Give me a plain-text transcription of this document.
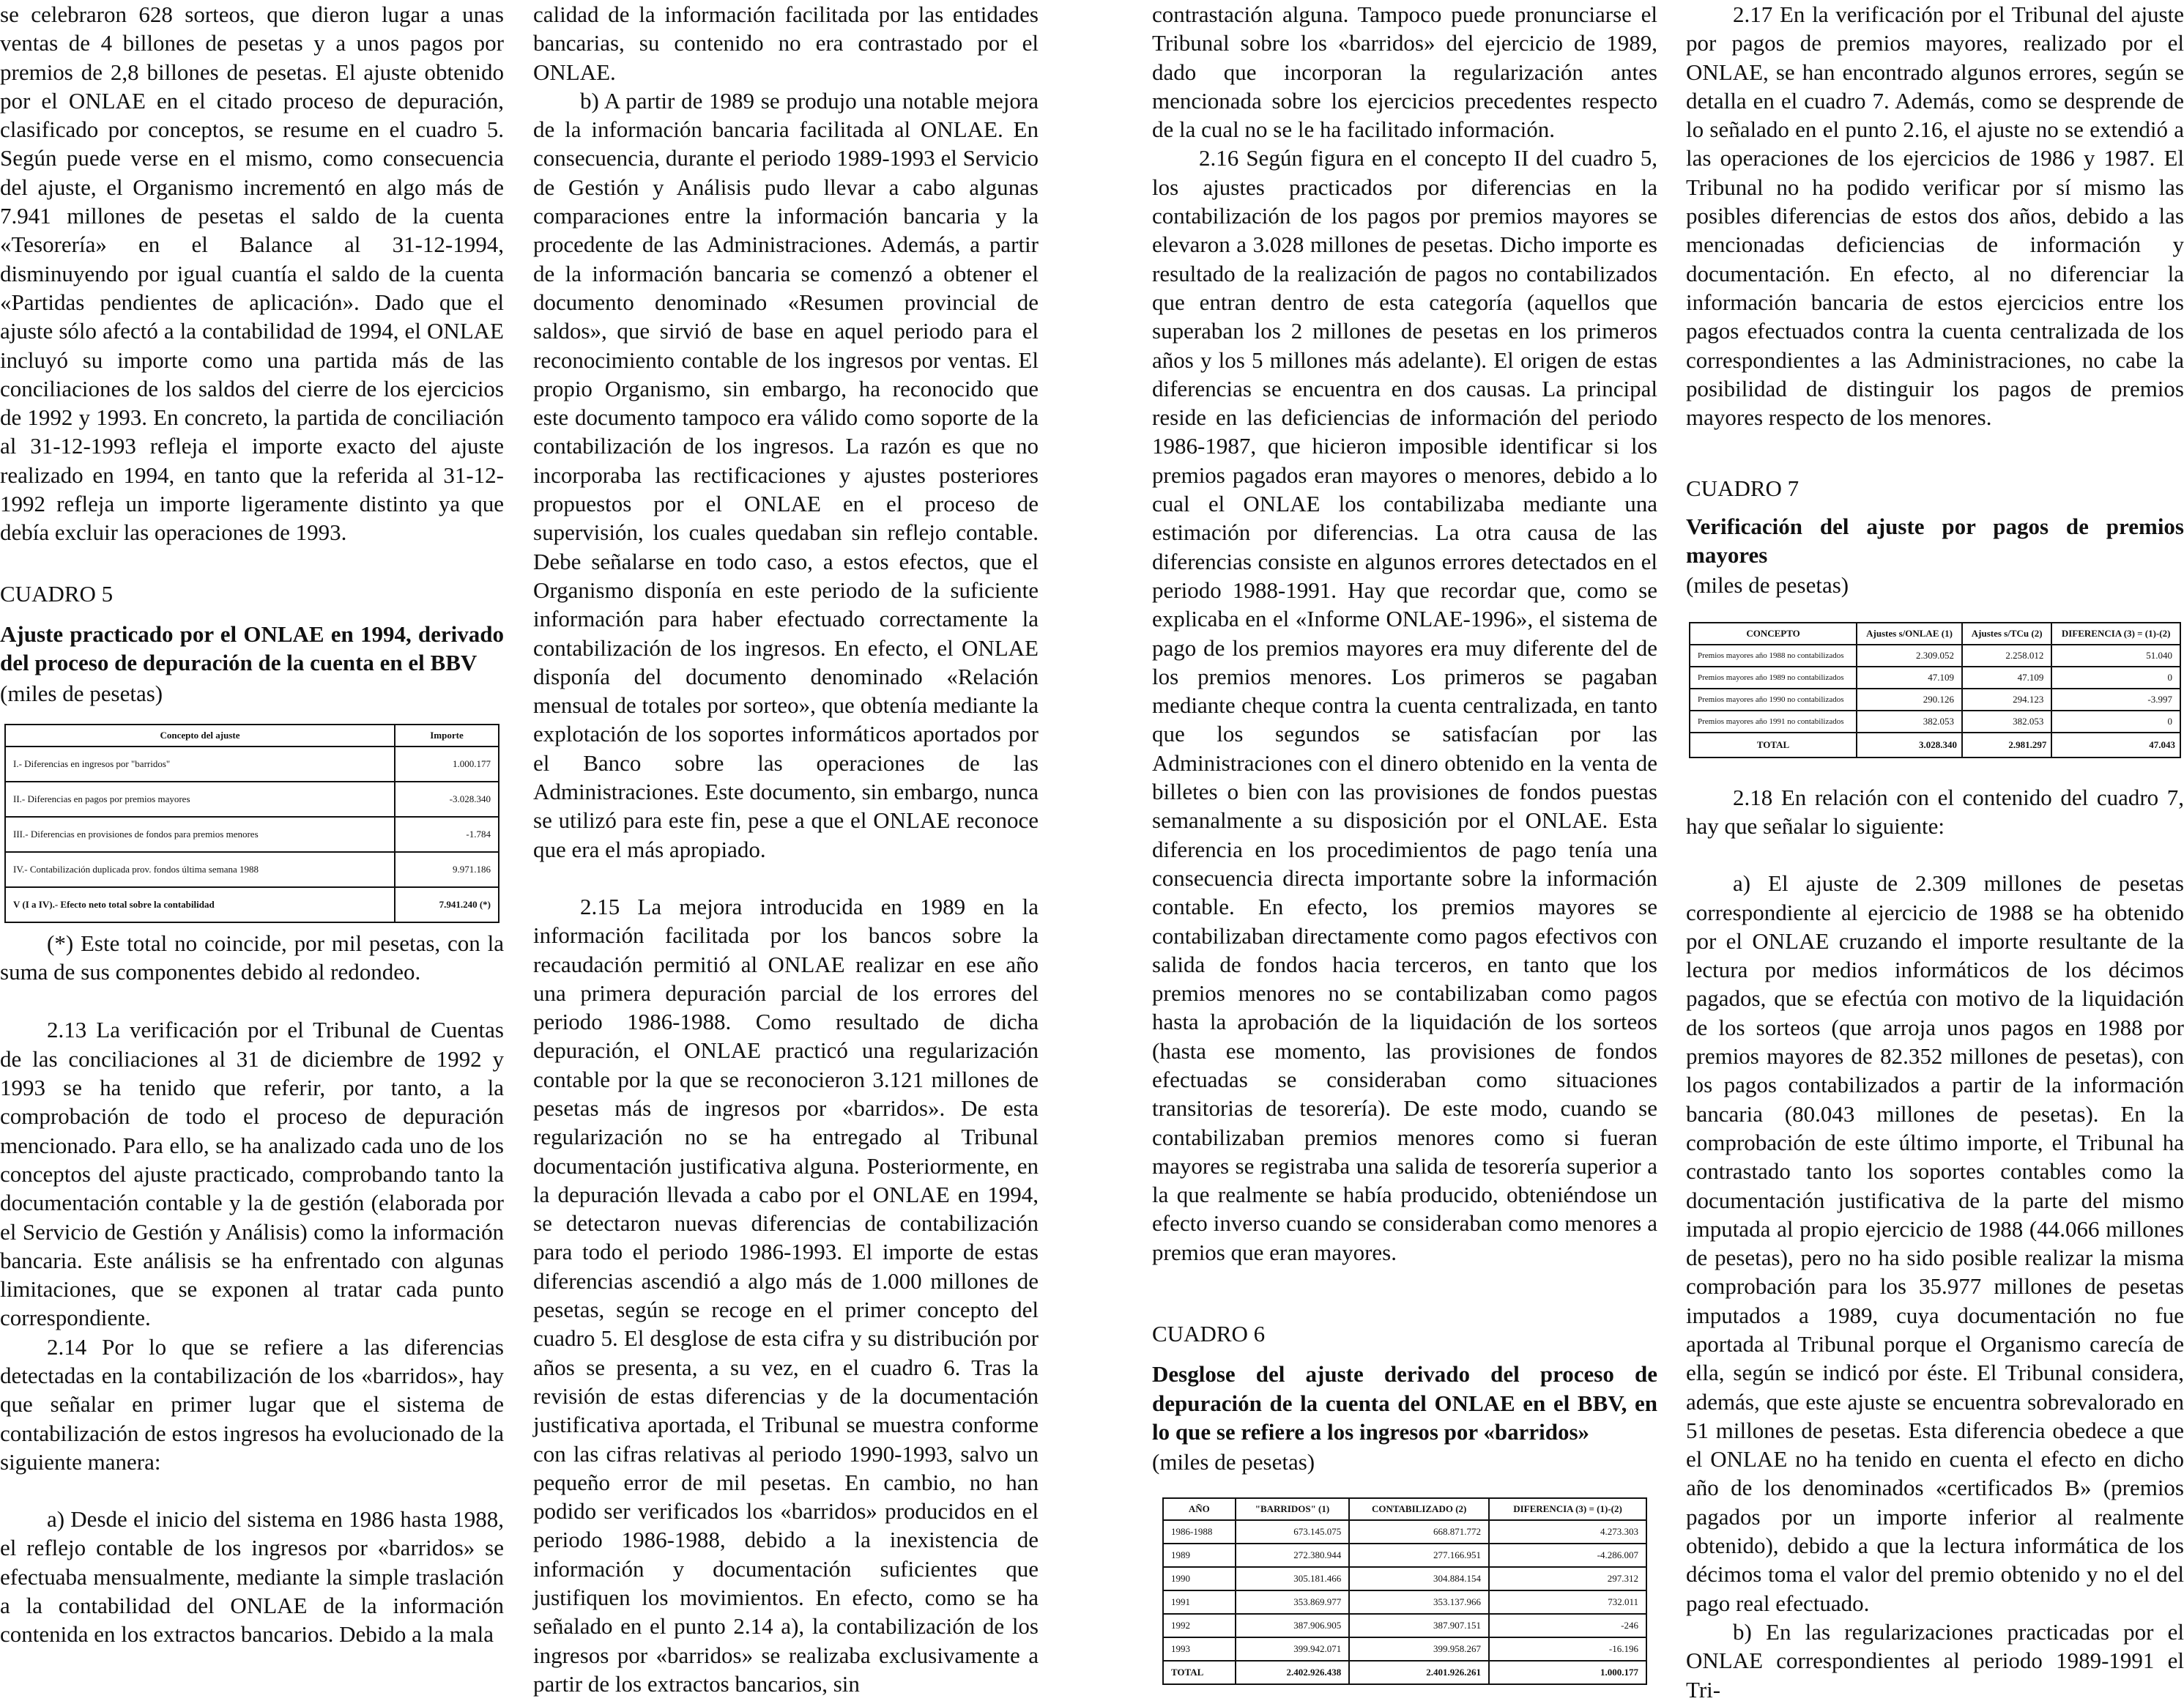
se celebraron 628 sorteos, que dieron lugar a unas ventas de 4 billones de pesetas y a unos pagos por premios de 2,8 billones de pesetas. El ajuste obtenido por el ONLAE en el citado proceso de depuración, clasificado por conceptos, se resume en el cuadro 5. Según puede verse en el mismo, como consecuencia del ajuste, el Organismo incrementó en algo más de 7.941 millones de pesetas el saldo de la cuenta «Tesorería» en el Balance al 31-12-1994, disminuyendo por igual cuantía el saldo de la cuenta «Partidas pendientes de aplicación». Dado que el ajuste sólo afectó a la contabilidad de 1994, el ONLAE incluyó su importe como una partida más de las conciliaciones de los saldos del cierre de los ejercicios de 1992 y 1993. En concreto, la partida de conciliación al 31-12-1993 refleja el importe exacto del ajuste realizado en 1994, en tanto que la referida al 31-12-1992 refleja un importe ligeramente distinto ya que debía excluir las operaciones de 1993.

CUADRO 5

Ajuste practicado por el ONLAE en 1994, derivado del proceso de depuración de la cuenta en el BBV

(miles de pesetas)

Concepto del ajuste	Importe
I.- Diferencias en ingresos por "barridos"	1.000.177
II.- Diferencias en pagos por premios mayores	-3.028.340
III.- Diferencias en provisiones de fondos para premios menores	-1.784
IV.- Contabilización duplicada prov. fondos última semana 1988	9.971.186
V (I a IV).- Efecto neto total sobre la contabilidad	7.941.240 (*)

(*) Este total no coincide, por mil pesetas, con la suma de sus componentes debido al redondeo.

2.13 La verificación por el Tribunal de Cuentas de las conciliaciones al 31 de diciembre de 1992 y 1993 se ha tenido que referir, por tanto, a la comprobación de todo el proceso de depuración mencionado. Para ello, se ha analizado cada uno de los conceptos del ajuste practicado, comprobando tanto la documentación contable y la de gestión (elaborada por el Servicio de Gestión y Análisis) como la información bancaria. Este análisis se ha enfrentado con algunas limitaciones, que se exponen al tratar cada punto correspondiente.

2.14 Por lo que se refiere a las diferencias detectadas en la contabilización de los «barridos», hay que señalar en primer lugar que el sistema de contabilización de estos ingresos ha evolucionado de la siguiente manera:

a) Desde el inicio del sistema en 1986 hasta 1988, el reflejo contable de los ingresos por «barridos» se efectuaba mensualmente, mediante la simple traslación a la contabilidad del ONLAE de la información contenida en los extractos bancarios. Debido a la mala

calidad de la información facilitada por las entidades bancarias, su contenido no era contrastado por el ONLAE.

b) A partir de 1989 se produjo una notable mejora de la información bancaria facilitada al ONLAE. En consecuencia, durante el periodo 1989-1993 el Servicio de Gestión y Análisis pudo llevar a cabo algunas comparaciones entre la información bancaria y la procedente de las Administraciones. Además, a partir de la información bancaria se comenzó a obtener el documento denominado «Resumen provincial de saldos», que sirvió de base en aquel periodo para el reconocimiento contable de los ingresos por ventas. El propio Organismo, sin embargo, ha reconocido que este documento tampoco era válido como soporte de la contabilización de los ingresos. La razón es que no incorporaba las rectificaciones y ajustes posteriores propuestos por el ONLAE en el proceso de supervisión, los cuales quedaban sin reflejo contable. Debe señalarse en todo caso, a estos efectos, que el Organismo disponía en este periodo de la suficiente información para haber efectuado correctamente la contabilización de los ingresos. En efecto, el ONLAE disponía del documento denominado «Relación mensual de totales por sorteo», que obtenía mediante la explotación de los soportes informáticos aportados por el Banco sobre las operaciones de las Administraciones. Este documento, sin embargo, nunca se utilizó para este fin, pese a que el ONLAE reconoce que era el más apropiado.

2.15 La mejora introducida en 1989 en la información facilitada por los bancos sobre la recaudación permitió al ONLAE realizar en ese año una primera depuración parcial de los errores del periodo 1986-1988. Como resultado de dicha depuración, el ONLAE practicó una regularización contable por la que se reconocieron 3.121 millones de pesetas más de ingresos por «barridos». De esta regularización no se ha entregado al Tribunal documentación justificativa alguna. Posteriormente, en la depuración llevada a cabo por el ONLAE en 1994, se detectaron nuevas diferencias de contabilización para todo el periodo 1986-1993. El importe de estas diferencias ascendió a algo más de 1.000 millones de pesetas, según se recoge en el primer concepto del cuadro 5. El desglose de esta cifra y su distribución por años se presenta, a su vez, en el cuadro 6. Tras la revisión de estas diferencias y de la documentación justificativa aportada, el Tribunal se muestra conforme con las cifras relativas al periodo 1990-1993, salvo un pequeño error de mil pesetas. En cambio, no han podido ser verificados los «barridos» producidos en el periodo 1986-1988, debido a la inexistencia de información y documentación suficientes que justifiquen los movimientos. En efecto, como se ha señalado en el punto 2.14 a), la contabilización de los ingresos por «barridos» se realizaba exclusivamente a partir de los extractos bancarios, sin

contrastación alguna. Tampoco puede pronunciarse el Tribunal sobre los «barridos» del ejercicio de 1989, dado que incorporan la regularización antes mencionada sobre los ejercicios precedentes respecto de la cual no se le ha facilitado información.

2.16 Según figura en el concepto II del cuadro 5, los ajustes practicados por diferencias en la contabilización de los pagos por premios mayores se elevaron a 3.028 millones de pesetas. Dicho importe es resultado de la realización de pagos no contabilizados que entran dentro de esta categoría (aquellos que superaban los 2 millones de pesetas en los primeros años y los 5 millones más adelante). El origen de estas diferencias se encuentra en dos causas. La principal reside en las deficiencias de información del periodo 1986-1987, que hicieron imposible identificar si los premios pagados eran mayores o menores, debido a lo cual el ONLAE los contabilizaba mediante una estimación por diferencias. La otra causa de las diferencias consiste en algunos errores detectados en el periodo 1988-1991. Hay que recordar que, como se explicaba en el «Informe ONLAE-1996», el sistema de pago de los premios mayores era muy diferente del de los premios menores. Los primeros se pagaban mediante cheque contra la cuenta centralizada, en tanto que los segundos se satisfacían por las Administraciones con el dinero obtenido en la venta de billetes o bien con las provisiones de fondos puestas semanalmente a su disposición por el ONLAE. Esta diferencia en los procedimientos de pago tenía una consecuencia directa importante sobre la información contable. En efecto, los premios mayores se contabilizaban directamente como pagos efectivos con salida de fondos hacia terceros, en tanto que los premios menores no se contabilizaban como pagos hasta la aprobación de la liquidación de los sorteos (hasta ese momento, las provisiones de fondos efectuadas se consideraban como situaciones transitorias de tesorería). De este modo, cuando se contabilizaban premios menores como si fueran mayores se registraba una salida de tesorería superior a la que realmente se había producido, obteniéndose un efecto inverso cuando se consideraban como menores a premios que eran mayores.

CUADRO 6

Desglose del ajuste derivado del proceso de depuración de la cuenta del ONLAE en el BBV, en lo que se refiere a los ingresos por «barridos»

(miles de pesetas)

AÑO	"BARRIDOS" (1)	CONTABILIZADO (2)	DIFERENCIA (3) = (1)-(2)
1986-1988	673.145.075	668.871.772	4.273.303
1989	272.380.944	277.166.951	-4.286.007
1990	305.181.466	304.884.154	297.312
1991	353.869.977	353.137.966	732.011
1992	387.906.905	387.907.151	-246
1993	399.942.071	399.958.267	-16.196
TOTAL	2.402.926.438	2.401.926.261	1.000.177

2.17 En la verificación por el Tribunal del ajuste por pagos de premios mayores, realizado por el ONLAE, se han encontrado algunos errores, según se detalla en el cuadro 7. Además, como se desprende de lo señalado en el punto 2.16, el ajuste no se extendió a las operaciones de los ejercicios de 1986 y 1987. El Tribunal no ha podido verificar por sí mismo las posibles diferencias de estos dos años, debido a las mencionadas deficiencias de información y documentación. En efecto, al no diferenciar la información bancaria de estos ejercicios entre los pagos efectuados contra la cuenta centralizada de los correspondientes a las Administraciones, no cabe la posibilidad de distinguir los pagos de premios mayores respecto de los menores.

CUADRO 7

Verificación del ajuste por pagos de premios mayores

(miles de pesetas)

CONCEPTO	Ajustes s/ONLAE (1)	Ajustes s/TCu (2)	DIFERENCIA (3) = (1)-(2)
Premios mayores año 1988 no contabilizados	2.309.052	2.258.012	51.040
Premios mayores año 1989 no contabilizados	47.109	47.109	0
Premios mayores año 1990 no contabilizados	290.126	294.123	-3.997
Premios mayores año 1991 no contabilizados	382.053	382.053	0
TOTAL	3.028.340	2.981.297	47.043

2.18 En relación con el contenido del cuadro 7, hay que señalar lo siguiente:

a) El ajuste de 2.309 millones de pesetas correspondiente al ejercicio de 1988 se ha obtenido por el ONLAE cruzando el importe resultante de la lectura por medios informáticos de los décimos pagados, que se efectúa con motivo de la liquidación de los sorteos (que arroja unos pagos en 1988 por premios mayores de 82.352 millones de pesetas), con los pagos contabilizados a partir de la información bancaria (80.043 millones de pesetas). En la comprobación de este último importe, el Tribunal ha contrastado tanto los soportes contables como la documentación justificativa de la parte del mismo imputada al propio ejercicio de 1988 (44.066 millones de pesetas), pero no ha sido posible realizar la misma comprobación para los 35.977 millones de pesetas imputados a 1989, cuya documentación no fue aportada al Tribunal porque el Organismo carecía de ella, según se indicó por éste. El Tribunal considera, además, que este ajuste se encuentra sobrevalorado en 51 millones de pesetas. Esta diferencia obedece a que el ONLAE no ha tenido en cuenta el efecto en dicho año de los denominados «certificados B» (premios pagados por un importe inferior al realmente obtenido), debido a que la lectura informática de los décimos toma el valor del premio obtenido y no el del pago real efectuado.

b) En las regularizaciones practicadas por el ONLAE correspondientes al periodo 1989-1991 el Tri-
